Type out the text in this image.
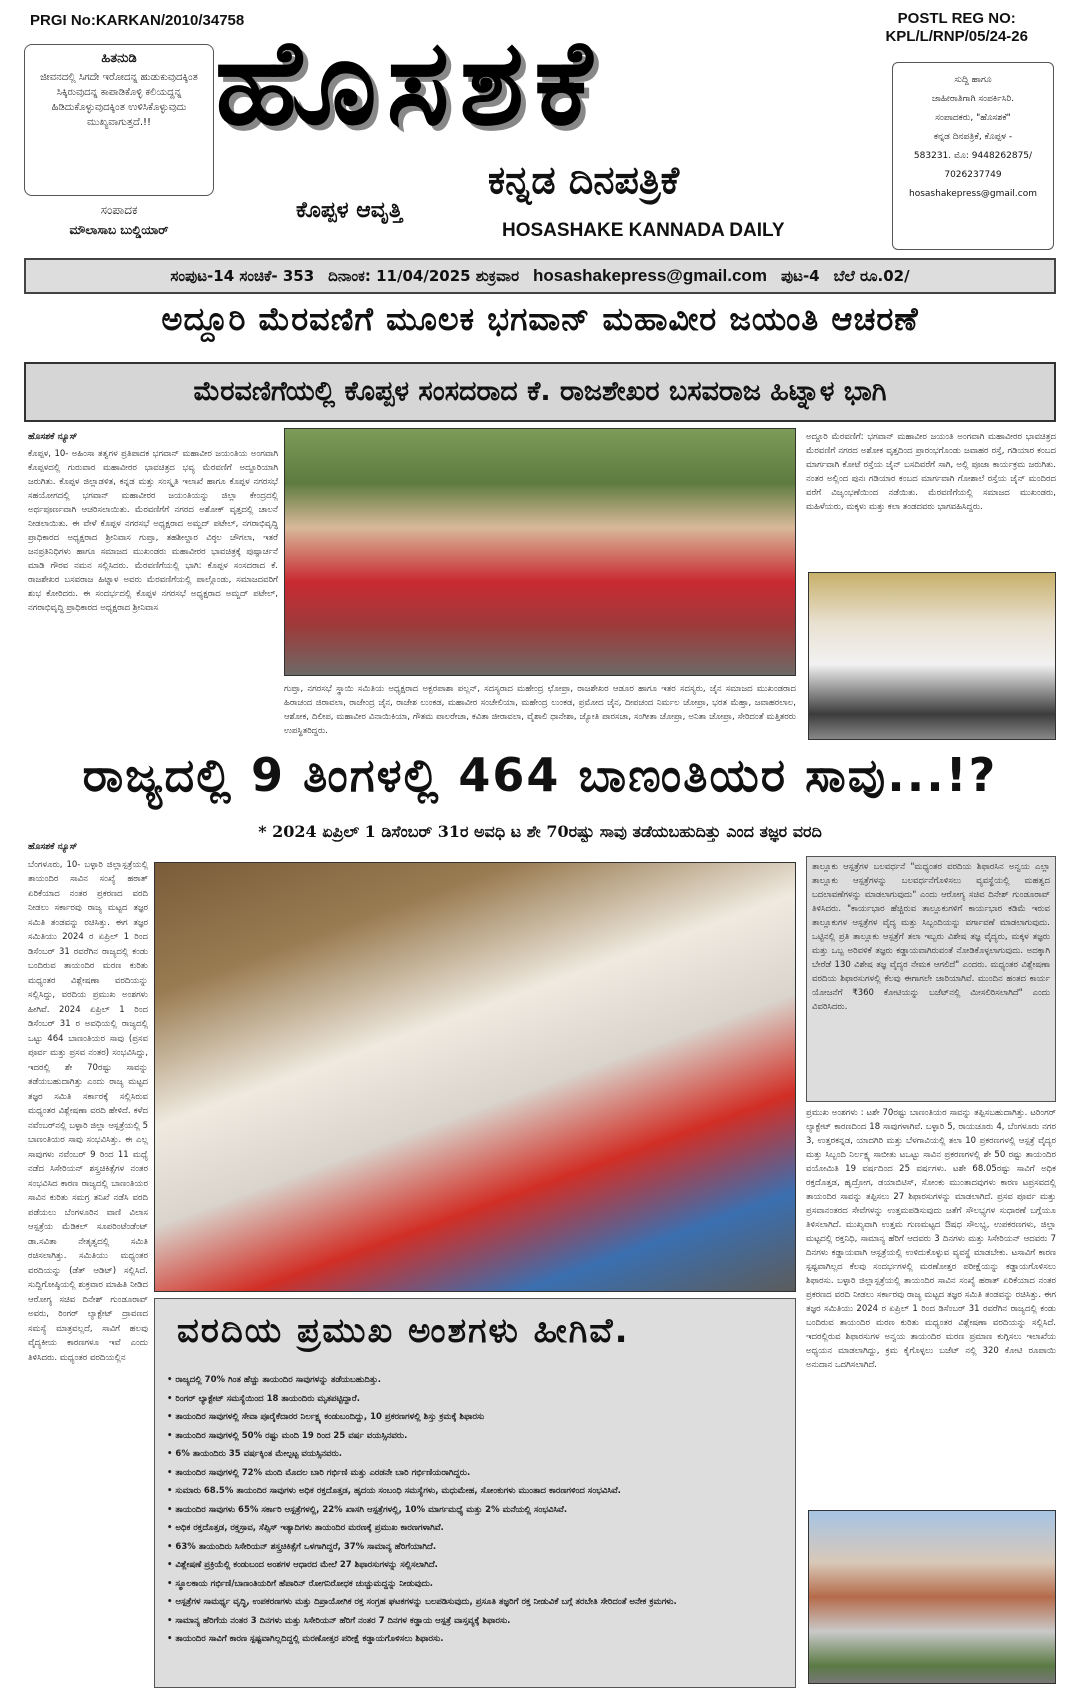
PRGI No:KARKAN/2010/34758	POSTL REG NO:
KPL/L/RNP/05/24-26
ಹಿತನುಡಿ
ಜೀವನದಲ್ಲಿ ಸಿಗದೇ ಇರೋದನ್ನ ಹುಡುಕುವುದಕ್ಕಿಂತ ಸಿಕ್ಕಿರುವುದನ್ನ ಕಾಪಾಡಿಕೊಳ್ಳಿ ಕಲಿಯದ್ದನ್ನ ಹಿಡಿದುಕೊಳ್ಳುವುದಕ್ಕಿಂತ ಉಳಿಸಿಕೊಳ್ಳುವುದು ಮುಖ್ಯವಾಗುತ್ತದೆ.!!
ಸಂಪಾದಕ
ಮೌಲಾಸಾಬ ಬುಲ್ಡಿಯಾರ್
ಹೊಸಶಕೆ
ಕನ್ನಡ ದಿನಪತ್ರಿಕೆ
ಕೊಪ್ಪಳ ಆವೃತ್ತಿ
HOSASHAKE KANNADA DAILY
ಸುದ್ದಿ ಹಾಗೂ
ಜಾಹೀರಾತಿಗಾಗಿ ಸಂಪರ್ಕಿಸಿರಿ.
ಸಂಪಾದಕರು, "ಹೊಸಶಕೆ"
ಕನ್ನಡ ದಿನಪತ್ರಿಕೆ, ಕೊಪ್ಪಳ -
583231. ಮೊ: 9448262875/
7026237749
hosashakepress@gmail.com
ಸಂಪುಟ-14 ಸಂಚಿಕೆ- 353 ದಿನಾಂಕ: 11/04/2025 ಶುಕ್ರವಾರ hosashakepress@gmail.com ಪುಟ-4 ಬೆಲೆ ರೂ.02/
ಅದ್ದೂರಿ ಮೆರವಣಿಗೆ ಮೂಲಕ ಭಗವಾನ್ ಮಹಾವೀರ ಜಯಂತಿ ಆಚರಣೆ
ಮೆರವಣಿಗೆಯಲ್ಲಿ ಕೊಪ್ಪಳ ಸಂಸದರಾದ ಕೆ. ರಾಜಶೇಖರ ಬಸವರಾಜ ಹಿಟ್ನಾಳ ಭಾಗಿ
ಹೊಸಶಕೆ ನ್ಯೂಸ್
ಕೊಪ್ಪಳ, 10- ಅಹಿಂಸಾ ತತ್ವಗಳ ಪ್ರತಿಪಾದಕ ಭಗವಾನ್ ಮಹಾವೀರ ಜಯಂತಿಯ ಅಂಗವಾಗಿ ಕೊಪ್ಪಳದಲ್ಲಿ ಗುರುವಾರ ಮಹಾವೀರರ ಭಾವಚಿತ್ರದ ಭವ್ಯ ಮೆರವಣಿಗೆ ಅದ್ದೂರಿಯಾಗಿ ಜರುಗಿತು. ಕೊಪ್ಪಳ ಜಿಲ್ಲಾಡಳಿತ, ಕನ್ನಡ ಮತ್ತು ಸಂಸ್ಕೃತಿ ಇಲಾಖೆ ಹಾಗೂ ಕೊಪ್ಪಳ ನಗರಸಭೆ ಸಹಯೋಗದಲ್ಲಿ ಭಗವಾನ್ ಮಹಾವೀರರ ಜಯಂತಿಯನ್ನು ಜಿಲ್ಲಾ ಕೇಂದ್ರದಲ್ಲಿ ಅರ್ಥಪೂರ್ಣವಾಗಿ ಆಚರಿಸಲಾಯಿತು. ಮೆರವಣಿಗೆಗೆ ನಗರದ ಅಶೋಕ್ ವೃತ್ತದಲ್ಲಿ ಚಾಲನೆ ನೀಡಲಾಯಿತು. ಈ ವೇಳೆ ಕೊಪ್ಪಳ ನಗರಸಭೆ ಅಧ್ಯಕ್ಷರಾದ ಅಮ್ಜದ್ ಪಟೇಲ್, ನಗರಾಭಿವೃದ್ಧಿ ಪ್ರಾಧಿಕಾರದ ಅಧ್ಯಕ್ಷರಾದ ಶ್ರೀನಿವಾಸ ಗುಪ್ತಾ, ತಹಶೀಲ್ದಾರ ವಿಠ್ಠಲ ಚೌಗಲಾ, ಇತರೆ ಜನಪ್ರತಿನಿಧಿಗಳು ಹಾಗೂ ಸಮಾಜದ ಮುಖಂಡರು ಮಹಾವೀರರ ಭಾವಚಿತ್ರಕ್ಕೆ ಪುಷ್ಪಾರ್ಚನೆ ಮಾಡಿ ಗೌರವ ನಮನ ಸಲ್ಲಿಸಿದರು. ಮೆರವಣಿಗೆಯಲ್ಲಿ ಭಾಗಿ: ಕೊಪ್ಪಳ ಸಂಸದರಾದ ಕೆ. ರಾಜಶೇಖರ ಬಸವರಾಜ ಹಿಟ್ನಾಳ ಅವರು ಮೆರವಣಿಗೆಯಲ್ಲಿ ಪಾಲ್ಗೊಂಡು, ಸಮಾಜದವರಿಗೆ ಶುಭ ಕೋರಿದರು. ಈ ಸಂದರ್ಭದಲ್ಲಿ ಕೊಪ್ಪಳ ನಗರಸಭೆ ಅಧ್ಯಕ್ಷರಾದ ಅಮ್ಜದ್ ಪಟೇಲ್, ನಗರಾಭಿವೃದ್ಧಿ ಪ್ರಾಧಿಕಾರದ ಅಧ್ಯಕ್ಷರಾದ ಶ್ರೀನಿವಾಸ
ಗುಪ್ತಾ, ನಗರಸಭೆ ಸ್ಥಾಯಿ ಸಮಿತಿಯ ಅಧ್ಯಕ್ಷರಾದ ಅಕ್ಬರಪಾಶಾ ಪಲ್ಲನ್, ಸದಸ್ಯರಾದ ಮಹೇಂದ್ರ ಛೋಪ್ರಾ, ರಾಜಶೇಖರ ಆಡೂರ ಹಾಗೂ ಇತರ ಸದಸ್ಯರು, ಜೈನ ಸಮಾಜದ ಮುಖಂಡರಾದ ಹಿರಾಚಂದ ಜಿರಾವಲಾ, ರಾಜೇಂದ್ರ ಜೈನ, ರಾಜೇಶ ಲುಂಕಡ, ಮಹಾವೀರ ಸಂಚೇಲಿಯಾ, ಮಹೇಂದ್ರ ಲುಂಕಡ, ಪ್ರಮೋದ ಜೈನ, ದೀಪಚಂದ ನಿರ್ಮಲ ಚೋಪ್ರಾ, ಭರತ ಮೆಹ್ತಾ, ಜವಾಹರಲಾಲ, ಆಶೋಕ, ದಿಲೀಪ, ಮಹಾವೀರ ವಿನಾಯಿಕಿಯಾ, ಗೌತಮ ಪಾಲರೇಚಾ, ಕವಿತಾ ಜೀರಾವಲಾ, ವೈಶಾಲಿ ಧಾನೇಶಾ, ಜ್ಯೋತಿ ಪಾರಸಚಾ, ಸಂಗೀತಾ ಚೋಪ್ರಾ, ಅನಿತಾ ಚೋಪ್ರಾ, ಸೇರಿದಂತೆ ಮತ್ತಿತರರು ಉಪಸ್ಥಿತರಿದ್ದರು.
ಅದ್ದೂರಿ ಮೆರವಣಿಗೆ: ಭಗವಾನ್ ಮಹಾವೀರ ಜಯಂತಿ ಅಂಗವಾಗಿ ಮಹಾವೀರರ ಭಾವಚಿತ್ರದ ಮೆರವಣಿಗೆ ನಗರದ ಅಶೋಕ ವೃತ್ತದಿಂದ ಪ್ರಾರಂಭಗೊಂಡು ಜವಾಹರ ರಸ್ತೆ, ಗಡಿಯಾರ ಕಂಬದ ಮಾರ್ಗವಾಗಿ ಕೋಟೆ ರಸ್ತೆಯ ಜೈನ್ ಬಸದಿವರೆಗೆ ಸಾಗಿ, ಅಲ್ಲಿ ಪೂಜಾ ಕಾರ್ಯಕ್ರಮ ಜರುಗಿತು. ನಂತರ ಅಲ್ಲಿಂದ ಪುನಃ ಗಡಿಯಾರ ಕಂಬದ ಮಾರ್ಗವಾಗಿ ಗೋಶಾಲೆ ರಸ್ತೆಯ ಜೈನ್ ಮಂದಿರದ ವರೆಗೆ ವಿಜೃಂಭಣೆಯಿಂದ ನಡೆಯಿತು. ಮೆರವಣಿಗೆಯಲ್ಲಿ ಸಮಾಜದ ಮುಖಂಡರು, ಮಹಿಳೆಯರು, ಮಕ್ಕಳು ಮತ್ತು ಕಲಾ ತಂಡದವರು ಭಾಗವಹಿಸಿದ್ದರು.
ರಾಜ್ಯದಲ್ಲಿ 9 ತಿಂಗಳಲ್ಲಿ 464 ಬಾಣಂತಿಯರ ಸಾವು...!?
* 2024 ಏಪ್ರಿಲ್ 1 ಡಿಸೆಂಬರ್ 31ರ ಅವಧಿ ಟ ಶೇ 70ರಷ್ಟು ಸಾವು ತಡೆಯಬಹುದಿತ್ತು ಎಂದ ತಜ್ಞರ ವರದಿ
ಹೊಸಶಕೆ ನ್ಯೂಸ್
ಬೆಂಗಳೂರು, 10- ಬಳ್ಳಾರಿ ಜಿಲ್ಲಾಸ್ಪತ್ರೆಯಲ್ಲಿ ತಾಯಂದಿರ ಸಾವಿನ ಸಂಖ್ಯೆ ಹಠಾತ್ ಏರಿಕೆಯಾದ ನಂತರ ಪ್ರಕರಣದ ವರದಿ ನೀಡಲು ಸರ್ಕಾರವು ರಾಜ್ಯ ಮಟ್ಟದ ತಜ್ಞರ ಸಮಿತಿ ತಂಡವನ್ನು ರಚಿಸಿತ್ತು. ಈಗ ತಜ್ಞರ ಸಮಿತಿಯು 2024 ರ ಏಪ್ರಿಲ್ 1 ರಿಂದ ಡಿಸೆಂಬರ್ 31 ರವರೆಗಿನ ರಾಜ್ಯದಲ್ಲಿ ಕಂಡು ಬಂದಿರುವ ತಾಯಂದಿರ ಮರಣ ಕುರಿತು ಮಧ್ಯಂತರ ವಿಶ್ಲೇಷಣಾ ವರದಿಯನ್ನು ಸಲ್ಲಿಸಿದ್ದು, ವರದಿಯ ಪ್ರಮುಖ ಅಂಶಗಳು ಹೀಗಿವೆ. 2024 ಏಪ್ರಿಲ್ 1 ರಿಂದ ಡಿಸೆಂಬರ್ 31 ರ ಅವಧಿಯಲ್ಲಿ ರಾಜ್ಯದಲ್ಲಿ ಒಟ್ಟು 464 ಬಾಣಂತಿಯರ ಸಾವು (ಪ್ರಸವ ಪೂರ್ವ ಮತ್ತು ಪ್ರಸವ ನಂತರ) ಸಂಭವಿಸಿದ್ದು, ಇದರಲ್ಲಿ ಶೇ 70ರಷ್ಟು ಸಾವನ್ನು ತಡೆಯಬಹುದಾಗಿತ್ತು ಎಂದು ರಾಜ್ಯ ಮಟ್ಟದ ತಜ್ಞರ ಸಮಿತಿ ಸರ್ಕಾರಕ್ಕೆ ಸಲ್ಲಿಸಿರುವ ಮಧ್ಯಂತರ ವಿಶ್ಲೇಷಣಾ ವರದಿ ಹೇಳಿದೆ. ಕಳೆದ ನವೆಂಬರ್‌ನಲ್ಲಿ ಬಳ್ಳಾರಿ ಜಿಲ್ಲಾ ಆಸ್ಪತ್ರೆಯಲ್ಲಿ 5 ಬಾಣಂತಿಯರ ಸಾವು ಸಂಭವಿಸಿತ್ತು. ಈ ಎಲ್ಲ ಸಾವುಗಳು ನವೆಂಬರ್ 9 ರಿಂದ 11 ಮಧ್ಯೆ ನಡೆದ ಸಿಸೇರಿಯನ್ ಶಸ್ತ್ರಚಿಕಿತ್ಸೆಗಳ ನಂತರ ಸಂಭವಿಸಿದ ಕಾರಣ ರಾಜ್ಯದಲ್ಲಿ ಬಾಣಂತಿಯರ ಸಾವಿನ ಕುರಿತು ಸಮಗ್ರ ತನಿಖೆ ನಡೆಸಿ ವರದಿ ಪಡೆಯಲು ಬೆಂಗಳೂರಿನ ವಾಣಿ ವಿಲಾಸ ಆಸ್ಪತ್ರೆಯ ಮೆಡಿಕಲ್ ಸೂಪರಿಂಟೆಂಡೆಂಟ್ ಡಾ.ಸವಿತಾ ನೇತೃತ್ವದಲ್ಲಿ ಸಮಿತಿ ರಚಿಸಲಾಗಿತ್ತು. ಸಮಿತಿಯು ಮಧ್ಯಂತರ ವರದಿಯನ್ನು (ಡೆತ್ ಆಡಿಟ್) ಸಲ್ಲಿಸಿದೆ. ಸುದ್ದಿಗೋಷ್ಠಿಯಲ್ಲಿ ಶುಕ್ರವಾರ ಮಾಹಿತಿ ನೀಡಿದ ಆರೋಗ್ಯ ಸಚಿವ ದಿನೇಶ್ ಗುಂಡೂರಾವ್ ಅವರು, ರಿಂಗರ್ ಲ್ಯಾಕ್ಟೇಟ್ ದ್ರಾವಣದ ಸಮಸ್ಯೆ ಮಾತ್ರವಲ್ಲದೆ, ಸಾವಿಗೆ ಹಲವು ವೈದ್ಯಕೀಯ ಕಾರಣಗಳೂ ಇವೆ ಎಂದು ತಿಳಿಸಿದರು. ಮಧ್ಯಂತರ ವರದಿಯಲ್ಲಿನ
ತಾಲ್ಲೂಕು ಆಸ್ಪತ್ರೆಗಳ ಬಲವರ್ಧನೆ "ಮಧ್ಯಂತರ ವರದಿಯ ಶಿಫಾರಸಿನ ಅನ್ವಯ ಎಲ್ಲಾ ತಾಲ್ಲೂಕು ಆಸ್ಪತ್ರೆಗಳನ್ನು ಬಲವರ್ಧನೆಗೊಳಿಸಲು ವ್ಯವಸ್ಥೆಯಲ್ಲಿ ಮಹತ್ವದ ಬದಲಾವಣೆಗಳನ್ನು ಮಾಡಲಾಗುವುದು" ಎಂದು ಆರೋಗ್ಯ ಸಚಿವ ದಿನೇಶ್ ಗುಂಡೂರಾವ್ ತಿಳಿಸಿದರು. "ಕಾರ್ಯಭಾರ ಹೆಚ್ಚಿರುವ ತಾಲ್ಲೂಕುಗಳಿಗೆ ಕಾರ್ಯಭಾರ ಕಡಿಮೆ ಇರುವ ತಾಲ್ಲೂಕುಗಳ ಆಸ್ಪತ್ರೆಗಳ ವೈದ್ಯ ಮತ್ತು ಸಿಬ್ಬಂದಿಯನ್ನು ವರ್ಗಾವಣೆ ಮಾಡಲಾಗುವುದು. ಒಟ್ಟಿನಲ್ಲಿ ಪ್ರತಿ ತಾಲ್ಲೂಕು ಆಸ್ಪತ್ರೆಗೆ ತಲಾ ಇಬ್ಬರು ವಿಶೇಷ ತಜ್ಞ ವೈದ್ಯರು, ಮಕ್ಕಳ ತಜ್ಞರು ಮತ್ತು ಒಬ್ಬ ಅರಿವಳಿಕೆ ತಜ್ಞರು ಕಡ್ಡಾಯವಾಗಿರುವಂತೆ ನೋಡಿಕೊಳ್ಳಲಾಗುವುದು. ಅದಕ್ಕಾಗಿ ಬೇರೆಡೆ 130 ವಿಶೇಷ ತಜ್ಞ ವೈದ್ಯರ ನೇಮಕ ಆಗಲಿದೆ" ಎಂದರು. ಮಧ್ಯಂತರ ವಿಶ್ಲೇಷಣಾ ವರದಿಯ ಶಿಫಾರಸುಗಳಲ್ಲಿ ಕೆಲವು ಈಗಾಗಲೇ ಜಾರಿಯಾಗಿವೆ. ಮುಂದಿನ ಹಂತದ ಕಾರ್ಯ ಯೋಜನೆಗೆ ₹360 ಕೋಟಿಯನ್ನು ಬಜೆಟ್‌ನಲ್ಲಿ ಮೀಸಲಿರಿಸಲಾಗಿದೆ" ಎಂದು ವಿವರಿಸಿದರು.
ಪ್ರಮುಖ ಅಂಶಗಳು : ಟಶೇ 70ರಷ್ಟು ಬಾಣಂತಿಯರ ಸಾವನ್ನು ತಪ್ಪಿಸಬಹುದಾಗಿತ್ತು. ಟರಿಂಗರ್ ಲ್ಯಾಕ್ಟೇಟ್ ಕಾರಣದಿಂದ 18 ಸಾವುಗಳಾಗಿವೆ. ಬಳ್ಳಾರಿ 5, ರಾಯಚೂರು 4, ಬೆಂಗಳೂರು ನಗರ 3, ಉತ್ತರಕನ್ನಡ, ಯಾದಗಿರಿ ಮತ್ತು ಬೆಳಗಾವಿಯಲ್ಲಿ ತಲಾ 10 ಪ್ರಕರಣಗಳಲ್ಲಿ ಆಸ್ಪತ್ರೆ ವೈದ್ಯರ ಮತ್ತು ಸಿಬ್ಬಂದಿ ನಿರ್ಲಕ್ಷ್ಯ ಸಾಬೀತು ಟಒಟ್ಟು ಸಾವಿನ ಪ್ರಕರಣಗಳಲ್ಲಿ ಶೇ 50 ರಷ್ಟು ತಾಯಂದಿರ ವಯೋಮಿತಿ 19 ವರ್ಷದಿಂದ 25 ವರ್ಷಗಳು. ಟಶೇ 68.05ರಷ್ಟು ಸಾವಿಗೆ ಅಧಿಕ ರಕ್ತದೊತ್ತಡ, ಹೃದ್ರೋಗ, ಡಯಾಬಿಟಿಸ್, ಸೋಂಕು ಮುಂತಾದವುಗಳು ಕಾರಣ ಟಪ್ರಸವದಲ್ಲಿ ತಾಯಂದಿರ ಸಾವನ್ನು ತಪ್ಪಿಸಲು 27 ಶಿಫಾರಸುಗಳನ್ನು ಮಾಡಲಾಗಿದೆ. ಪ್ರಸವ ಪೂರ್ವ ಮತ್ತು ಪ್ರಸವಾನಂತರದ ಸೇವೆಗಳನ್ನು ಉತ್ತಮಪಡಿಸುವುದು ಜತೆಗೆ ಸೌಲಭ್ಯಗಳ ಸುಧಾರಣೆ ಬಗ್ಗೆಯೂ ತಿಳಿಸಲಾಗಿದೆ. ಮುಖ್ಯವಾಗಿ ಉತ್ತಮ ಗುಣಮಟ್ಟದ ಔಷಧ ಸೌಲಭ್ಯ, ಉಪಕರಣಗಳು, ಜಿಲ್ಲಾ ಮಟ್ಟದಲ್ಲಿ ರಕ್ತನಿಧಿ, ಸಾಮಾನ್ಯ ಹೆರಿಗೆ ಆದವರು 3 ದಿನಗಳು ಮತ್ತು ಸಿಸೇರಿಯನ್ ಆದವರು 7 ದಿನಗಳು ಕಡ್ಡಾಯವಾಗಿ ಆಸ್ಪತ್ರೆಯಲ್ಲಿ ಉಳಿದುಕೊಳ್ಳುವ ವ್ಯವಸ್ಥೆ ಮಾಡಬೇಕು. ಟಸಾವಿಗೆ ಕಾರಣ ಸ್ಪಷ್ಟವಾಗಿಲ್ಲದ ಕೆಲವು ಸಂದರ್ಭಗಳಲ್ಲಿ ಮರಣೋತ್ತರ ಪರೀಕ್ಷೆಯನ್ನು ಕಡ್ಡಾಯಗೊಳಿಸಲು ಶಿಫಾರಸು. ಬಳ್ಳಾರಿ ಜಿಲ್ಲಾಸ್ಪತ್ರೆಯಲ್ಲಿ ತಾಯಂದಿರ ಸಾವಿನ ಸಂಖ್ಯೆ ಹಠಾತ್ ಏರಿಕೆಯಾದ ನಂತರ ಪ್ರಕರಣದ ವರದಿ ನೀಡಲು ಸರ್ಕಾರವು ರಾಜ್ಯ ಮಟ್ಟದ ತಜ್ಞರ ಸಮಿತಿ ತಂಡವನ್ನು ರಚಿಸಿತ್ತು. ಈಗ ತಜ್ಞರ ಸಮಿತಿಯು 2024 ರ ಏಪ್ರಿಲ್ 1 ರಿಂದ ಡಿಸೆಂಬರ್ 31 ರವರೆಗಿನ ರಾಜ್ಯದಲ್ಲಿ ಕಂಡು ಬಂದಿರುವ ತಾಯಂದಿರ ಮರಣ ಕುರಿತು ಮಧ್ಯಂತರ ವಿಶ್ಲೇಷಣಾ ವರದಿಯನ್ನು ಸಲ್ಲಿಸಿದೆ. ಇದರಲ್ಲಿರುವ ಶಿಫಾರಸುಗಳ ಅನ್ವಯ ತಾಯಂದಿರ ಮರಣ ಪ್ರಮಾಣ ಕುಗ್ಗಿಸಲು ಇಲಾಖೆಯ ಅಧ್ಯಯನ ಮಾಡಲಾಗಿದ್ದು, ಕ್ರಮ ಕೈಗೊಳ್ಳಲು ಬಜೆಟ್ ನಲ್ಲಿ 320 ಕೋಟಿ ರೂಪಾಯಿ ಅನುದಾನ ಒದಗಿಸಲಾಗಿದೆ.
ವರದಿಯ ಪ್ರಮುಖ ಅಂಶಗಳು ಹೀಗಿವೆ.
• ರಾಜ್ಯದಲ್ಲಿ 70% ಗಿಂತ ಹೆಚ್ಚು ತಾಯಂದಿರ ಸಾವುಗಳನ್ನು ತಡೆಯಬಹುದಿತ್ತು.
• ರಿಂಗರ್ ಲ್ಯಾಕ್ಟೇಟ್ ಸಮಸ್ಯೆಯಿಂದ 18 ತಾಯಂದಿರು ಮೃತಪಟ್ಟಿದ್ದಾರೆ.
• ತಾಯಂದಿರ ಸಾವುಗಳಲ್ಲಿ ಸೇವಾ ಪೂರೈಕೆದಾರರ ನಿರ್ಲಕ್ಷ್ಯ ಕಂಡುಬಂದಿದ್ದು, 10 ಪ್ರಕರಣಗಳಲ್ಲಿ ಶಿಸ್ತು ಕ್ರಮಕ್ಕೆ ಶಿಫಾರಸು
• ತಾಯಂದಿರ ಸಾವುಗಳಲ್ಲಿ 50% ರಷ್ಟು ಮಂದಿ 19 ರಿಂದ 25 ವರ್ಷ ವಯಸ್ಸಿನವರು.
• 6% ತಾಯಂದಿರು 35 ವರ್ಷಕ್ಕಿಂತ ಮೇಲ್ಪಟ್ಟ ವಯಸ್ಸಿನವರು.
• ತಾಯಂದಿರ ಸಾವುಗಳಲ್ಲಿ 72% ಮಂದಿ ಮೊದಲ ಬಾರಿ ಗರ್ಭಿಣಿ ಮತ್ತು ಎರಡನೇ ಬಾರಿ ಗರ್ಭಿಣಿಯರಾಗಿದ್ದರು.
• ಸುಮಾರು 68.5% ತಾಯಂದಿರ ಸಾವುಗಳು ಅಧಿಕ ರಕ್ತದೊತ್ತಡ, ಹೃದಯ ಸಂಬಂಧಿ ಸಮಸ್ಯೆಗಳು, ಮಧುಮೇಹ, ಸೋಂಕುಗಳು ಮುಂತಾದ ಕಾರಣಗಳಿಂದ ಸಂಭವಿಸಿವೆ.
• ತಾಯಂದಿರ ಸಾವುಗಳು 65% ಸರ್ಕಾರಿ ಆಸ್ಪತ್ರೆಗಳಲ್ಲಿ, 22% ಖಾಸಗಿ ಆಸ್ಪತ್ರೆಗಳಲ್ಲಿ, 10% ಮಾರ್ಗಮಧ್ಯೆ ಮತ್ತು 2% ಮನೆಯಲ್ಲಿ ಸಂಭವಿಸಿವೆ.
• ಅಧಿಕ ರಕ್ತದೊತ್ತಡ, ರಕ್ತಸ್ರಾವ, ಸೆಪ್ಸಿಸ್ ಇತ್ಯಾದಿಗಳು ತಾಯಂದಿರ ಮರಣಕ್ಕೆ ಪ್ರಮುಖ ಕಾರಣಗಳಾಗಿವೆ.
• 63% ತಾಯಂದಿರು ಸಿಸೇರಿಯನ್ ಶಸ್ತ್ರಚಿಕಿತ್ಸೆಗೆ ಒಳಗಾಗಿದ್ದರೆ, 37% ಸಾಮಾನ್ಯ ಹೆರಿಗೆಯಾಗಿದೆ.
• ವಿಶ್ಲೇಷಣೆ ಪ್ರಕ್ರಿಯೆಲ್ಲಿ ಕಂಡುಬಂದ ಅಂಶಗಳ ಆಧಾರದ ಮೇಲೆ 27 ಶಿಫಾರಸುಗಳನ್ನು ಸಲ್ಲಿಸಲಾಗಿದೆ.
• ಸ್ಥೂಲಕಾಯ ಗರ್ಭಿಣಿ/ಬಾಣಂತಿಯರಿಗೆ ಹೆಪಾರಿನ್ ರೋಗನಿರೋಧಕ ಚುಚ್ಚುಮದ್ದನ್ನು ನೀಡುವುದು.
• ಆಸ್ಪತ್ರೆಗಳ ಸಾಮರ್ಥ್ಯ ವೃದ್ಧಿ, ಉಪಕರಣಗಳು ಮತ್ತು ದಿಪ್ರಾಯೋಗಿಕ ರಕ್ತ ಸಂಗ್ರಹ ಘಟಕಗಳನ್ನು ಬಲಪಡಿಸುವುದು, ಪ್ರಸೂತಿ ತಜ್ಞರಿಗೆ ರಕ್ತ ನೀಡುವಿಕೆ ಬಗ್ಗೆ ತರಬೇತಿ ಸೇರಿದಂತೆ ಅನೇಕ ಕ್ರಮಗಳು.
• ಸಾಮಾನ್ಯ ಹೆರಿಗೆಯ ನಂತರ 3 ದಿನಗಳು ಮತ್ತು ಸಿಸೇರಿಯನ್ ಹೆರಿಗೆ ನಂತರ 7 ದಿನಗಳ ಕಡ್ಡಾಯ ಆಸ್ಪತ್ರೆ ವಾಸ್ತವ್ಯಕ್ಕೆ ಶಿಫಾರಸು.
• ತಾಯಂದಿರ ಸಾವಿಗೆ ಕಾರಣ ಸ್ಪಷ್ಟವಾಗಿಲ್ಲದಿದ್ದಲ್ಲಿ ಮರಣೋತ್ತರ ಪರೀಕ್ಷೆ ಕಡ್ಡಾಯಗೊಳಿಸಲು ಶಿಫಾರಸು.
